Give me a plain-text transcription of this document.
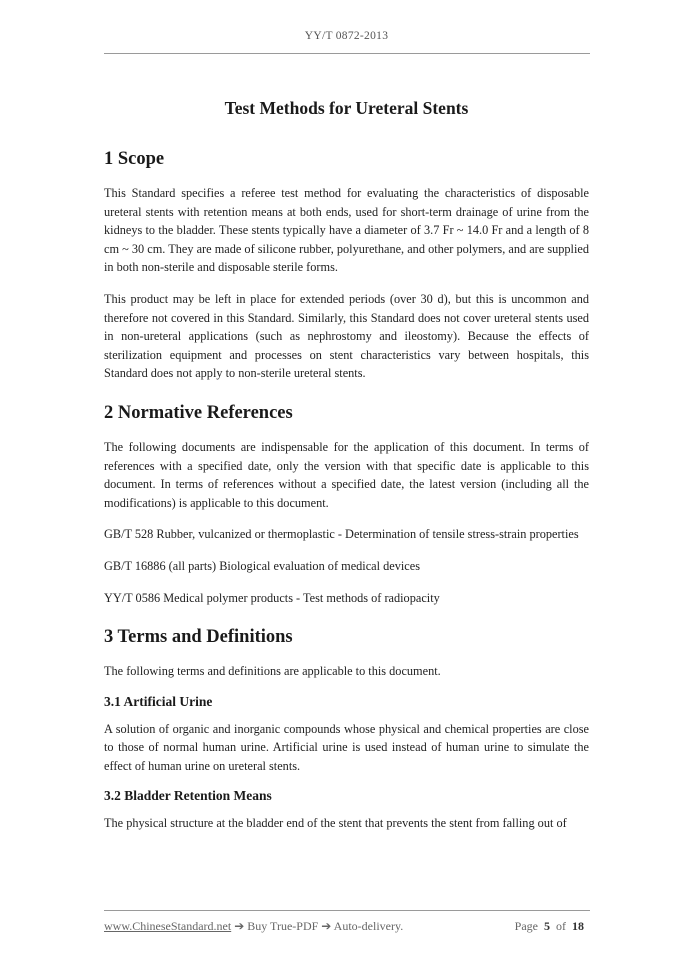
YY/T 0872-2013
Test Methods for Ureteral Stents
1 Scope

This Standard specifies a referee test method for evaluating the characteristics of disposable ureteral stents with retention means at both ends, used for short-term drainage of urine from the kidneys to the bladder. These stents typically have a diameter of 3.7 Fr ~ 14.0 Fr and a length of 8 cm ~ 30 cm. They are made of silicone rubber, polyurethane, and other polymers, and are supplied in both non-sterile and disposable sterile forms.

This product may be left in place for extended periods (over 30 d), but this is uncommon and therefore not covered in this Standard. Similarly, this Standard does not cover ureteral stents used in non-ureteral applications (such as nephrostomy and ileostomy). Because the effects of sterilization equipment and processes on stent characteristics vary between hospitals, this Standard does not apply to non-sterile ureteral stents.

2 Normative References

The following documents are indispensable for the application of this document. In terms of references with a specified date, only the version with that specific date is applicable to this document. In terms of references without a specified date, the latest version (including all the modifications) is applicable to this document.

GB/T 528 Rubber, vulcanized or thermoplastic - Determination of tensile stress-strain properties

GB/T 16886 (all parts) Biological evaluation of medical devices

YY/T 0586 Medical polymer products - Test methods of radiopacity

3 Terms and Definitions

The following terms and definitions are applicable to this document.

3.1 Artificial Urine

A solution of organic and inorganic compounds whose physical and chemical properties are close to those of normal human urine. Artificial urine is used instead of human urine to simulate the effect of human urine on ureteral stents.

3.2 Bladder Retention Means

The physical structure at the bladder end of the stent that prevents the stent from falling out of

www.ChineseStandard.net ➔ Buy True-PDF ➔ Auto-delivery.	Page 5 of 18
